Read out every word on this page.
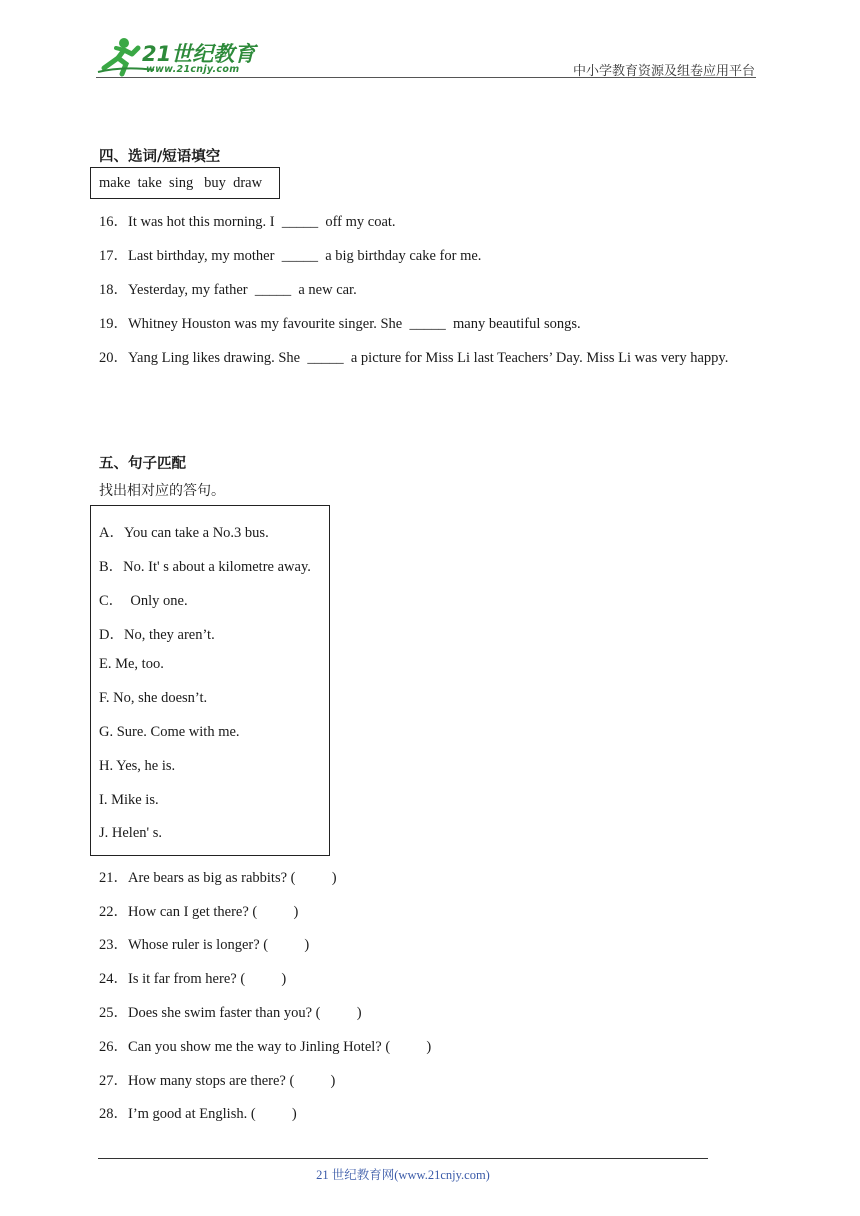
21世纪教育
www.21cnjy.com	中小学教育资源及组卷应用平台
四、选词/短语填空
make  take  sing   buy  draw
16．It was hot this morning. I  _____  off my coat.
17．Last birthday, my mother  _____  a big birthday cake for me.
18．Yesterday, my father  _____  a new car.
19．Whitney Houston was my favourite singer. She  _____  many beautiful songs.
20．Yang Ling likes drawing. She  _____  a picture for Miss Li last Teachers’ Day. Miss Li was very happy.
五、句子匹配
找出相对应的答句。
A．You can take a No.3 bus.
B．No. It' s about a kilometre away.
C．  Only one.
D．No, they aren’t.
E. Me, too.
F. No, she doesn’t.
G. Sure. Come with me.
H. Yes, he is.
I. Mike is.
J. Helen' s.
21．Are bears as big as rabbits? (          )
22．How can I get there? (          )
23．Whose ruler is longer? (          )
24．Is it far from here? (          )
25．Does she swim faster than you? (          )
26．Can you show me the way to Jinling Hotel? (          )
27．How many stops are there? (          )
28．I’m good at English. (          )
21 世纪教育网(www.21cnjy.com)
